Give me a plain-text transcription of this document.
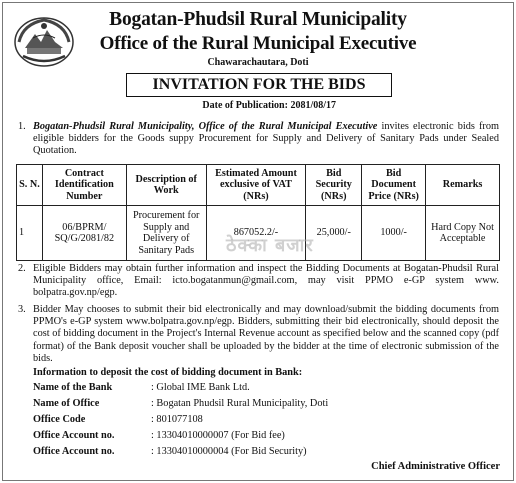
Bogatan-Phudsil Rural Municipality
Office of the Rural Municipal Executive
Chawarachautara, Doti
INVITATION FOR THE BIDS
Date of Publication: 2081/08/17
1. Bogatan-Phudsil Rural Municipality, Office of the Rural Municipal Executive invites electronic bids from eligible bidders for the Goods suppy Procurement for Supply and Delivery of Sanitary Pads under Sealed Quotation.
S. N.	Contract Identification Number	Description of Work	Estimated Amount exclusive of VAT (NRs)	Bid Security (NRs)	Bid Document Price (NRs)	Remarks
1	06/BPRM/ SQ/G/2081/82	Procurement for Supply and Delivery of Sanitary Pads	867052.2/-	25,000/-	1000/-	Hard Copy Not Acceptable
ठेक्का बजार
2. Eligible Bidders may obtain further information and inspect the Bidding Documents at Bogatan-Phudsil Rural Municipality office, Email: icto.bogatanmun@gmail.com, may visit PPMO e-GP system www. bolpatra.gov.np/egp.
3. Bidder May chooses to submit their bid electronically and may download/submit the bidding documents from PPMO's e-GP system www.bolpatra.gov.np/egp. Bidders, submitting their bid electronically, should deposit the cost of bidding document in the Project's Internal Revenue account as specified below and the scanned copy (pdf format) of the Bank deposit voucher shall be uploaded by the bidder at the time of electronic submission of the bids.
Information to deposit the cost of bidding document in Bank:
Name of the Bank	: Global IME Bank Ltd.
Name of Office	: Bogatan Phudsil Rural Municipality, Doti
Office Code	: 801077108
Office Account no.	: 13304010000007 (For Bid fee)
Office Account no.	: 13304010000004 (For Bid Security)
Chief Administrative Officer
